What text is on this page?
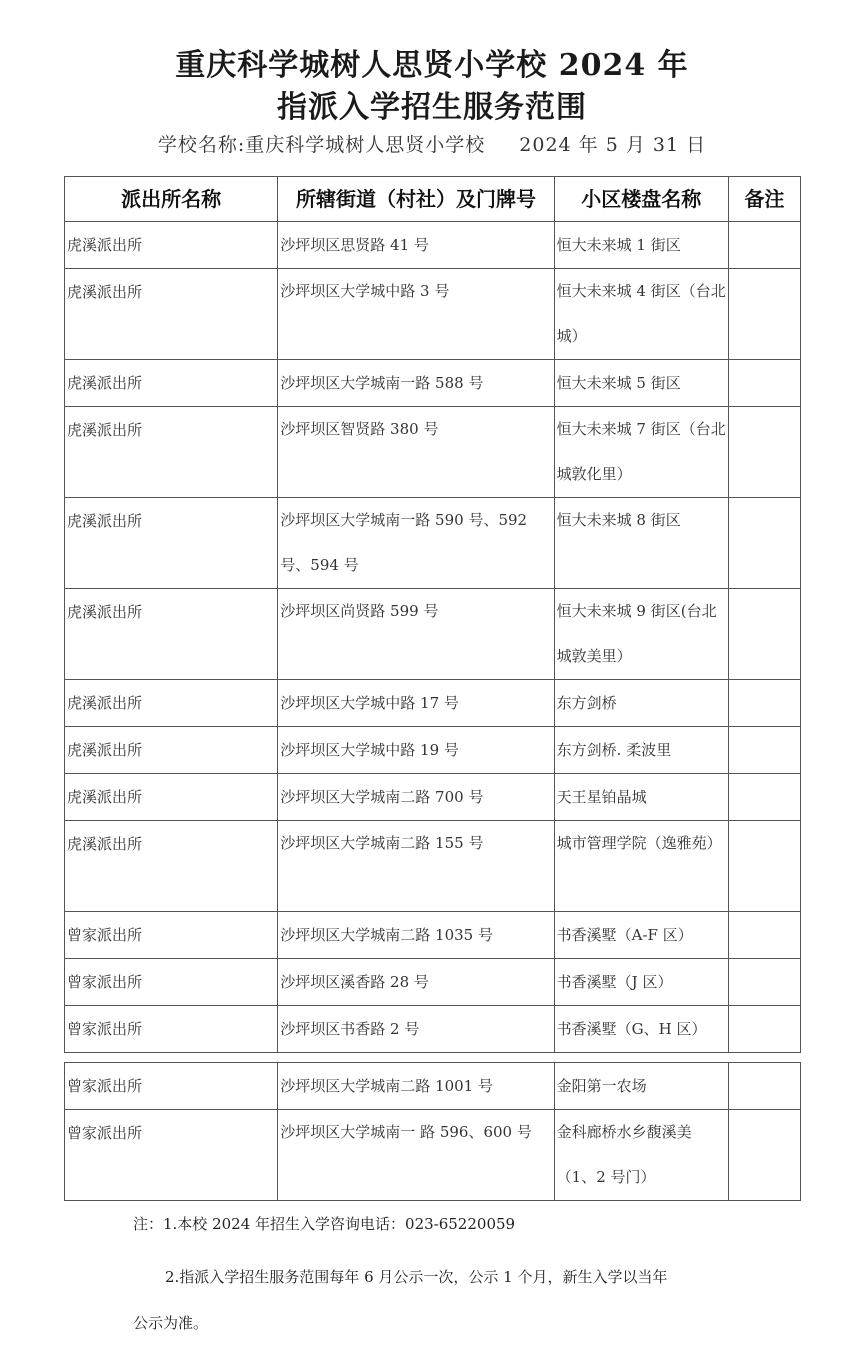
重庆科学城树人思贤小学校 2024 年
指派入学招生服务范围
学校名称:重庆科学城树人思贤小学校 2024 年 5 月 31 日
派出所名称	所辖街道（村社）及门牌号	小区楼盘名称	备注
虎溪派出所	沙坪坝区思贤路 41 号	恒大未来城 1 街区	
虎溪派出所	沙坪坝区大学城中路 3 号	恒大未来城 4 街区（台北城）	
虎溪派出所	沙坪坝区大学城南一路 588 号	恒大未来城 5 街区	
虎溪派出所	沙坪坝区智贤路 380 号	恒大未来城 7 街区（台北城敦化里）	
虎溪派出所	沙坪坝区大学城南一路 590 号、592 号、594 号	恒大未来城 8 街区	
虎溪派出所	沙坪坝区尚贤路 599 号	恒大未来城 9 街区(台北城敦美里）	
虎溪派出所	沙坪坝区大学城中路 17 号	东方剑桥	
虎溪派出所	沙坪坝区大学城中路 19 号	东方剑桥. 柔波里	
虎溪派出所	沙坪坝区大学城南二路 700 号	天王星铂晶城	
虎溪派出所	沙坪坝区大学城南二路 155 号	城市管理学院（逸雅苑）	
曾家派出所	沙坪坝区大学城南二路 1035 号	书香溪墅（A-F 区）	
曾家派出所	沙坪坝区溪香路 28 号	书香溪墅（J 区）	
曾家派出所	沙坪坝区书香路 2 号	书香溪墅（G、H 区）	
曾家派出所	沙坪坝区大学城南二路 1001 号	金阳第一农场	
曾家派出所	沙坪坝区大学城南一 路 596、600 号	金科廊桥水乡馥溪美（1、2 号门）	
注：1.本校 2024 年招生入学咨询电话：023-65220059
2.指派入学招生服务范围每年 6 月公示一次，公示 1 个月，新生入学以当年
公示为准。
